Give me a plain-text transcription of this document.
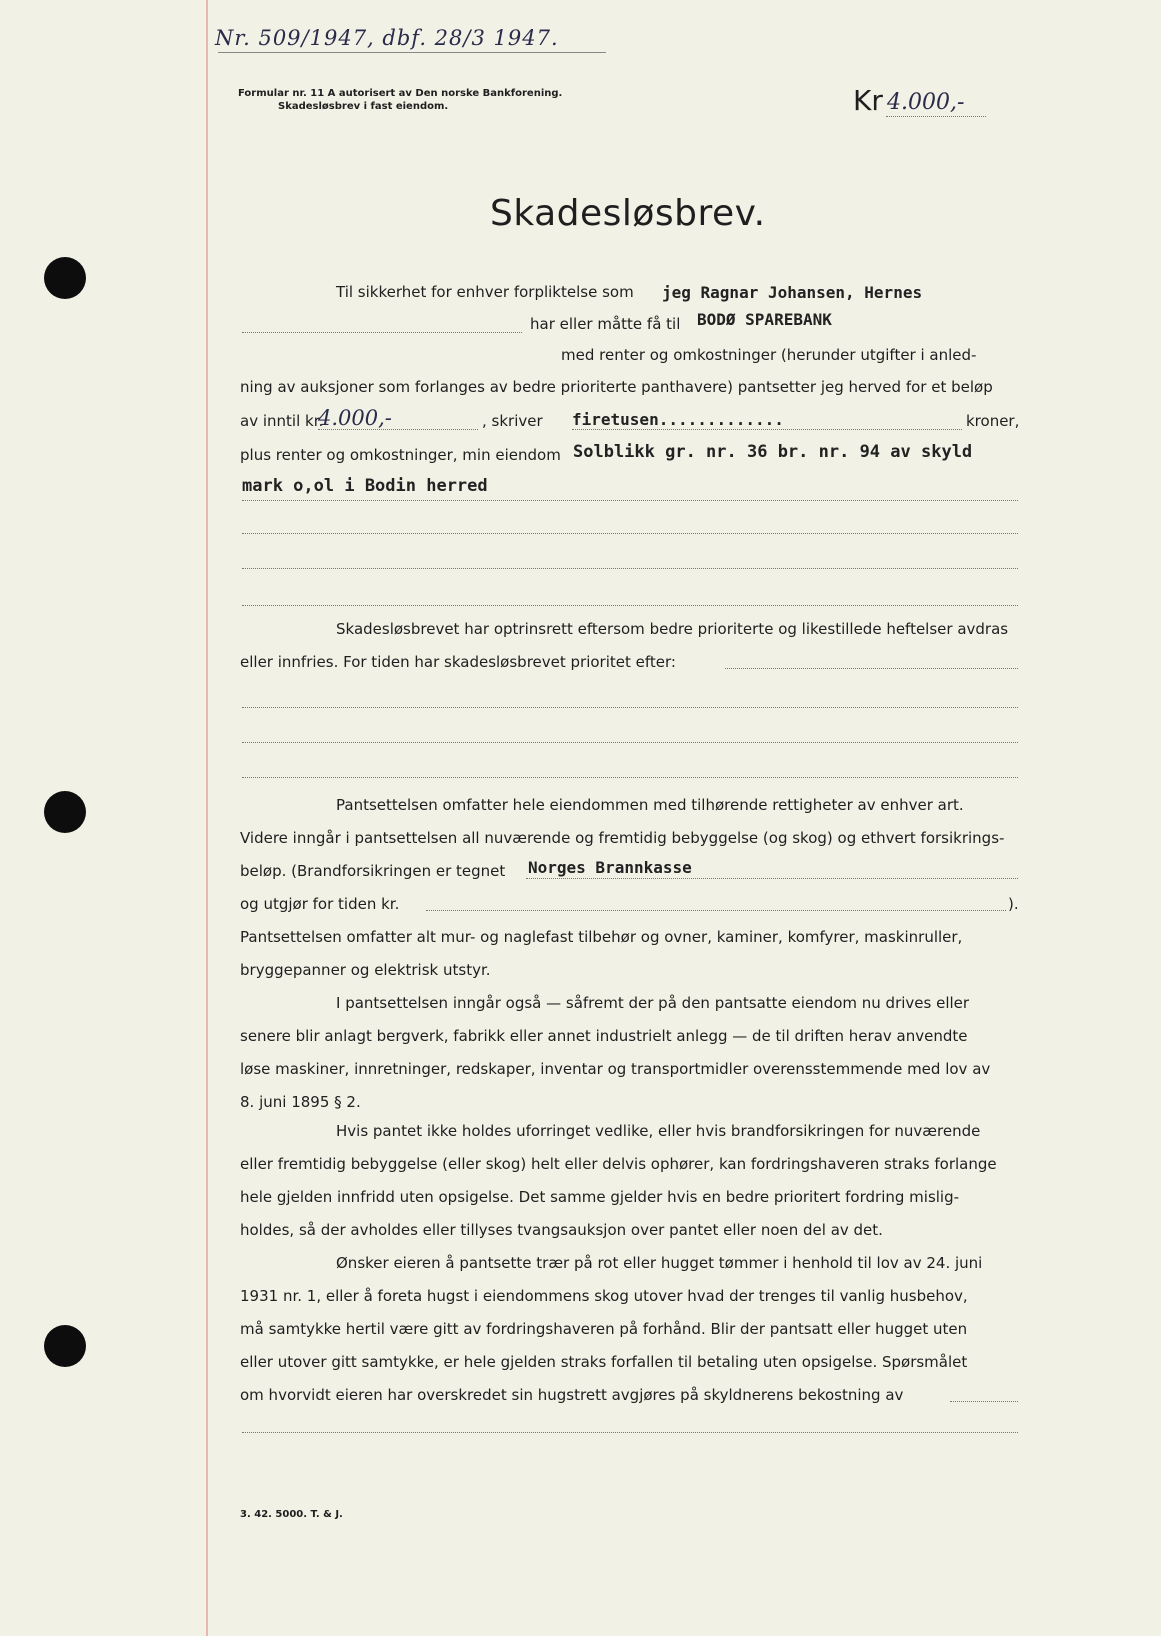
Nr. 509/1947, dbf. 28/3 1947.
Formular nr. 11 A autorisert av Den norske Bankforening.
Skadesløsbrev i fast eiendom.	Kr 4.000,-
Skadesløsbrev.
Til sikkerhet for enhver forpliktelse som jeg Ragnar Johansen, Hernes
har eller måtte få til BODØ SPAREBANK
med renter og omkostninger (herunder utgifter i anled-
ning av auksjoner som forlanges av bedre prioriterte panthavere) pantsetter jeg herved for et beløp
av inntil kr.
4.000,-	, skriver firetusen.............	kroner,
plus renter og omkostninger, min eiendom Solblikk gr. nr. 36 br. nr. 94 av skyld
mark o,ol i Bodin herred
Skadesløsbrevet har optrinsrett eftersom bedre prioriterte og likestillede heftelser avdras
eller innfries. For tiden har skadesløsbrevet prioritet efter:
Pantsettelsen omfatter hele eiendommen med tilhørende rettigheter av enhver art.
Videre inngår i pantsettelsen all nuværende og fremtidig bebyggelse (og skog) og ethvert forsikrings-
beløp. (Brandforsikringen er tegnet Norges Brannkasse
og utgjør for tiden kr.	).
Pantsettelsen omfatter alt mur- og naglefast tilbehør og ovner, kaminer, komfyrer, maskinruller,
bryggepanner og elektrisk utstyr.
I pantsettelsen inngår også — såfremt der på den pantsatte eiendom nu drives eller
senere blir anlagt bergverk, fabrikk eller annet industrielt anlegg — de til driften herav anvendte
løse maskiner, innretninger, redskaper, inventar og transportmidler overensstemmende med lov av
8. juni 1895 § 2.
Hvis pantet ikke holdes uforringet vedlike, eller hvis brandforsikringen for nuværende
eller fremtidig bebyggelse (eller skog) helt eller delvis ophører, kan fordringshaveren straks forlange
hele gjelden innfridd uten opsigelse. Det samme gjelder hvis en bedre prioritert fordring mislig-
holdes, så der avholdes eller tillyses tvangsauksjon over pantet eller noen del av det.
Ønsker eieren å pantsette trær på rot eller hugget tømmer i henhold til lov av 24. juni
1931 nr. 1, eller å foreta hugst i eiendommens skog utover hvad der trenges til vanlig husbehov,
må samtykke hertil være gitt av fordringshaveren på forhånd. Blir der pantsatt eller hugget uten
eller utover gitt samtykke, er hele gjelden straks forfallen til betaling uten opsigelse. Spørsmålet
om hvorvidt eieren har overskredet sin hugstrett avgjøres på skyldnerens bekostning av
3. 42. 5000. T. & J.
